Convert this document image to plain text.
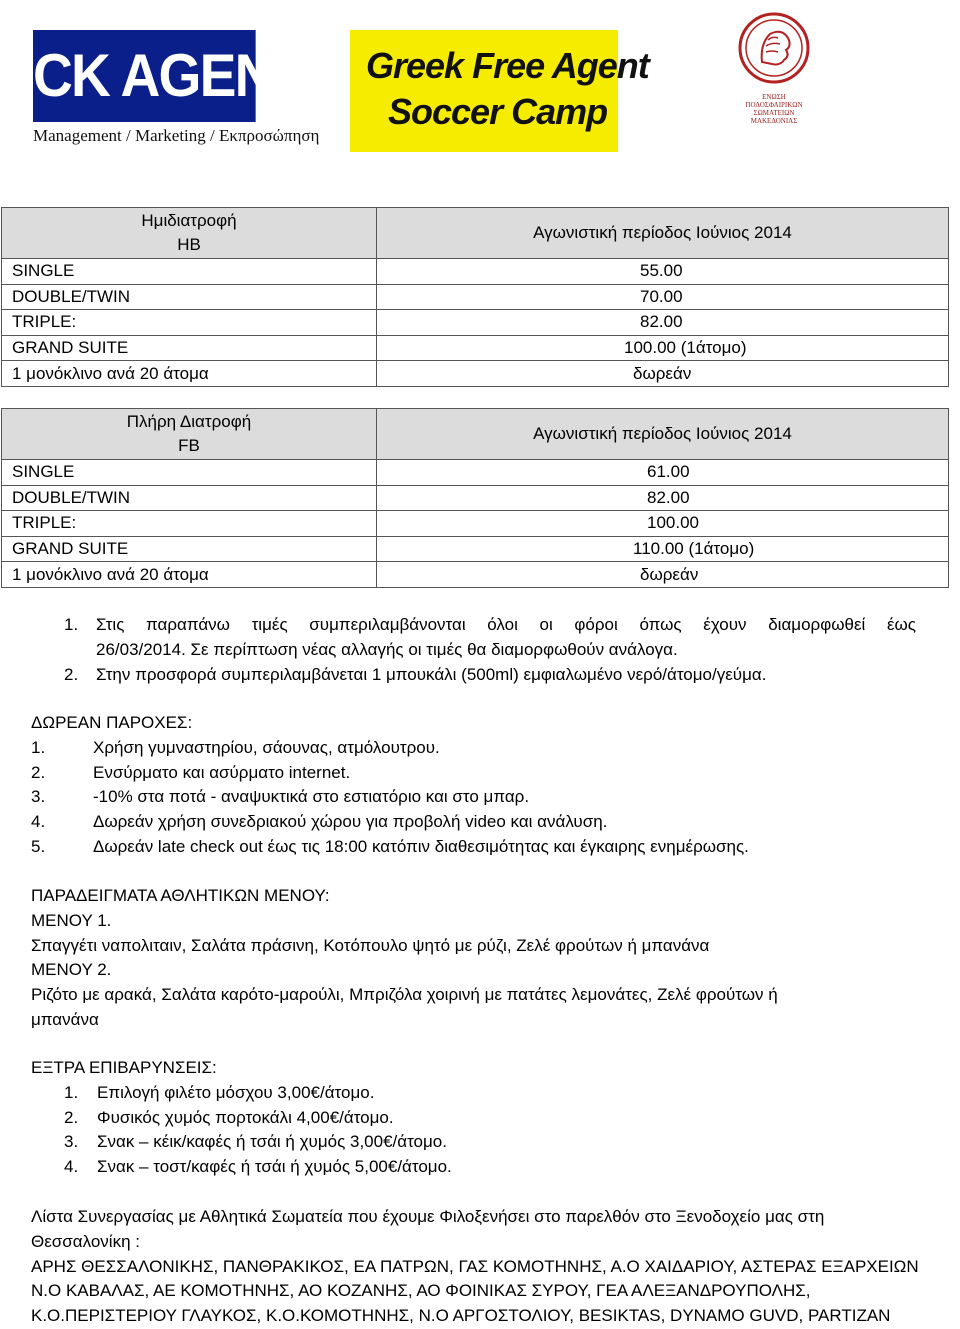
CK AGENCY
Management / Marketing / Εκπροσώπηση
Greek Free Agent
Soccer Camp	ΕΝΩΣΗ
ΠΟΔΟΣΦΑΙΡΙΚΩΝ
ΣΩΜΑΤΕΙΩΝ
ΜΑΚΕΔΟΝΙΑΣ
Ημιδιατροφή
HB	Αγωνιστική περίοδος Ιούνιος 2014
SINGLE	55.00
DOUBLE/TWIN	70.00
TRIPLE:	82.00
GRAND SUITE	100.00 (1άτομο)
1 μονόκλινο ανά 20 άτομα	δωρεάν
Πλήρη Διατροφή
FB	Αγωνιστική περίοδος Ιούνιος 2014
SINGLE	61.00
DOUBLE/TWIN	82.00
TRIPLE:	100.00
GRAND SUITE	110.00 (1άτομο)
1 μονόκλινο ανά 20 άτομα	δωρεάν
1.	Στις παραπάνω τιμές συμπεριλαμβάνονται όλοι οι φόροι όπως έχουν διαμορφωθεί έως
26/03/2014. Σε περίπτωση νέας αλλαγής οι τιμές θα διαμορφωθούν ανάλογα.
2.	Στην προσφορά συμπεριλαμβάνεται 1 μπουκάλι (500ml) εμφιαλωμένο νερό/άτομο/γεύμα.
ΔΩΡΕΑΝ ΠΑΡΟΧΕΣ:
1.	Χρήση γυμναστηρίου, σάουνας, ατμόλουτρου.
2.	Ενσύρματο και ασύρματο internet.
3.	-10% στα ποτά - αναψυκτικά στο εστιατόριο και στο μπαρ.
4.	Δωρεάν χρήση συνεδριακού χώρου για προβολή video και ανάλυση.
5.	Δωρεάν late check out έως τις 18:00 κατόπιν διαθεσιμότητας και έγκαιρης ενημέρωσης.
ΠΑΡΑΔΕΙΓΜΑΤΑ ΑΘΛΗΤΙΚΩΝ ΜΕΝΟΥ:
ΜΕΝΟΥ 1.
Σπαγγέτι ναπολιταιν, Σαλάτα πράσινη, Κοτόπουλο ψητό με ρύζι, Ζελέ φρούτων ή μπανάνα
ΜΕΝΟΥ 2.
Ριζότο με αρακά, Σαλάτα καρότο-μαρούλι, Μπριζόλα χοιρινή με πατάτες λεμονάτες, Ζελέ φρούτων ή
μπανάνα
ΕΞΤΡΑ ΕΠΙΒΑΡΥΝΣΕΙΣ:
1.	Επιλογή φιλέτο μόσχου 3,00€/άτομο.
2.	Φυσικός χυμός πορτοκάλι 4,00€/άτομο.
3.	Σνακ – κέικ/καφές ή τσάι ή χυμός 3,00€/άτομο.
4.	Σνακ – τοστ/καφές ή τσάι ή χυμός 5,00€/άτομο.
Λίστα Συνεργασίας με Αθλητικά Σωματεία που έχουμε Φιλοξενήσει στο παρελθόν στο Ξενοδοχείο μας στη
Θεσσαλονίκη :
ΑΡΗΣ ΘΕΣΣΑΛΟΝΙΚΗΣ, ΠΑΝΘΡΑΚΙΚΟΣ, ΕΑ ΠΑΤΡΩΝ, ΓΑΣ ΚΟΜΟΤΗΝΗΣ, Α.Ο ΧΑΙΔΑΡΙΟΥ, ΑΣΤΕΡΑΣ ΕΞΑΡΧΕΙΩΝ
Ν.Ο ΚΑΒΑΛΑΣ, ΑΕ ΚΟΜΟΤΗΝΗΣ, ΑΟ ΚΟΖΑΝΗΣ, ΑΟ ΦΟΙΝΙΚΑΣ ΣΥΡΟΥ, ΓΕΑ ΑΛΕΞΑΝΔΡΟΥΠΟΛΗΣ,
Κ.Ο.ΠΕΡΙΣΤΕΡΙΟΥ ΓΛΑΥΚΟΣ, Κ.Ο.ΚΟΜΟΤΗΝΗΣ, Ν.Ο ΑΡΓΟΣΤΟΛΙΟΥ, BESIKTAS, DYNAMO GUVD, PARTIZAN
